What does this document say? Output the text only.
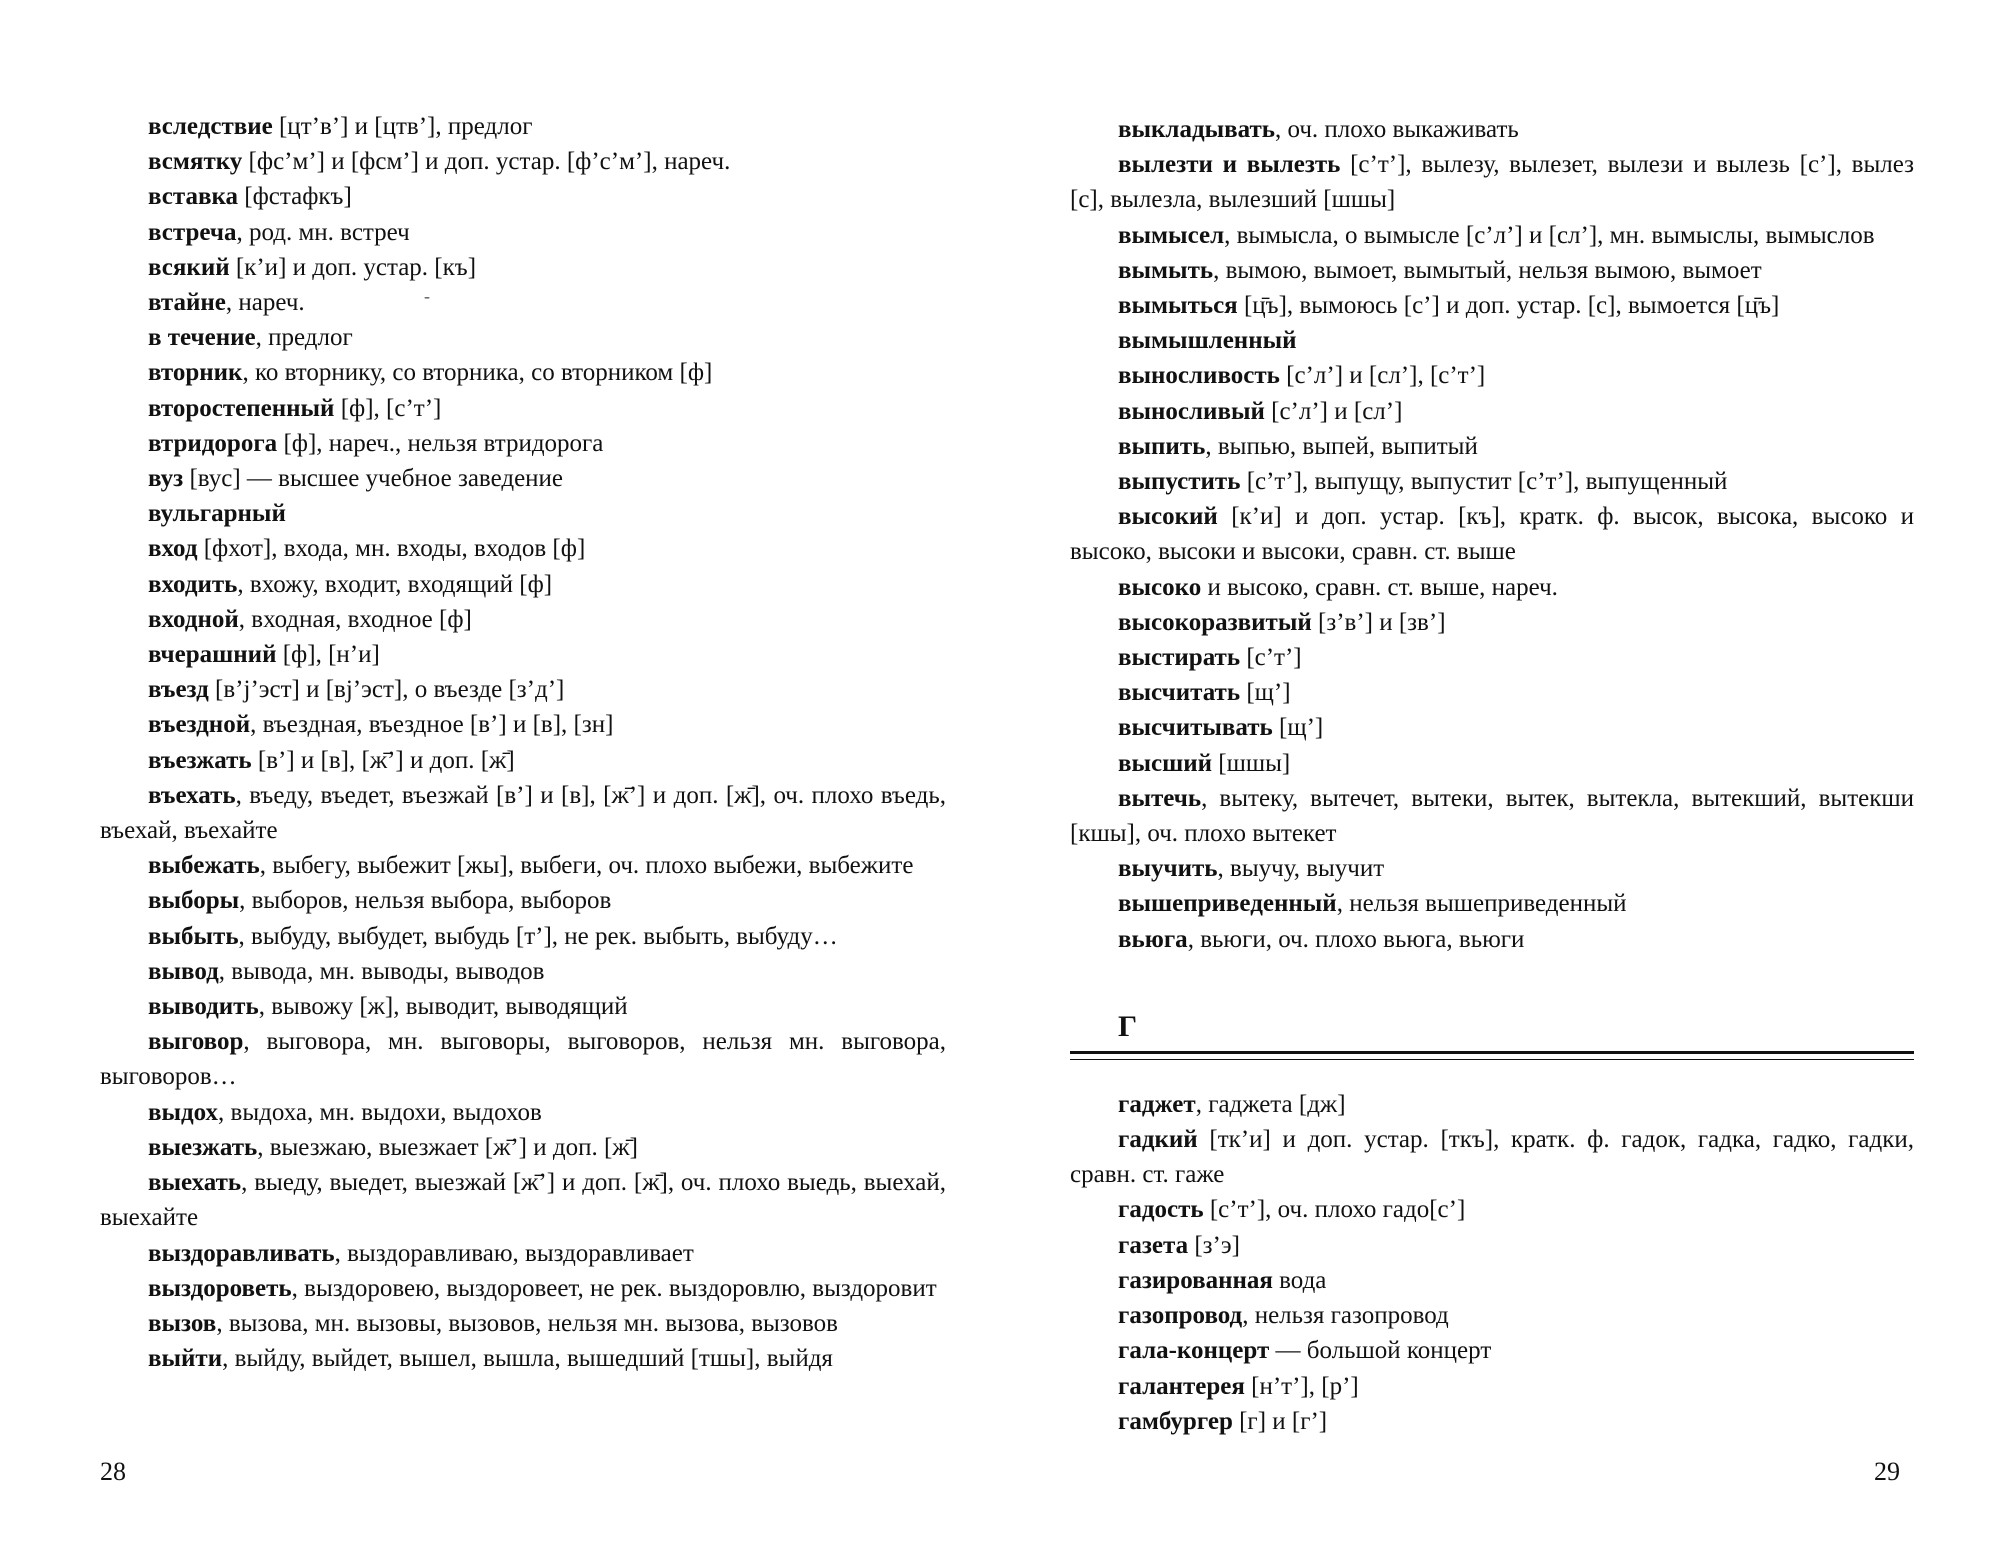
вследствие [цт’в’] и [цтв’], предлог

всмятку [фс’м’] и [фсм’] и доп. устар. [ф’с’м’], нареч.

вставка [фстафкъ]

встреча, род. мн. встреч

всякий [к’и] и доп. устар. [къ]

втайне, нареч.

в течение, предлог

вторник, ко вторнику, со вторника, со вторником [ф]

второстепенный [ф], [с’т’]

втридорога [ф], нареч., нельзя втридорога

вуз [вус] — высшее учебное заведение

вульгарный

вход [фхот], входа, мн. входы, входов [ф]

входить, вхожу, входит, входящий [ф]

входной, входная, входное [ф]

вчерашний [ф], [н’и]

въезд [в’j’эст] и [вj’эст], о въезде [з’д’]

въездной, въездная, въездное [в’] и [в], [зн]

въезжать [в’] и [в], [ж̄’] и доп. [ж̄]

въехать, въеду, въедет, въезжай [в’] и [в], [ж̄’] и доп. [ж̄], оч. плохо въедь, въехай, въехайте

выбежать, выбегу, выбежит [жы], выбеги, оч. плохо выбежи, выбежите

выборы, выборов, нельзя выбора, выборов

выбыть, выбуду, выбудет, выбудь [т’], не рек. выбыть, выбуду…

вывод, вывода, мн. выводы, выводов

выводить, вывожу [ж], выводит, выводящий

выговор, выговора, мн. выговоры, выговоров, нельзя мн. выговора, выговоров…

выдох, выдоха, мн. выдохи, выдохов

выезжать, выезжаю, выезжает [ж̄’] и доп. [ж̄]

выехать, выеду, выедет, выезжай [ж̄’] и доп. [ж̄], оч. плохо выедь, выехай, выехайте

выздоравливать, выздоравливаю, выздоравливает

выздороветь, выздоровею, выздоровеет, не рек. выздоровлю, выздоровит

вызов, вызова, мн. вызовы, вызовов, нельзя мн. вызова, вызовов

выйти, выйду, выйдет, вышел, вышла, вышедший [тшы], выйдя

28
-

выкладывать, оч. плохо выкаживать

вылезти и вылезть [с’т’], вылезу, вылезет, вылези и вылезь [с’], вылез [с], вылезла, вылезший [шшы]

вымысел, вымысла, о вымысле [с’л’] и [сл’], мн. вымыслы, вымыслов

вымыть, вымою, вымоет, вымытый, нельзя вымою, вымоет

вымыться [ц̄ъ], вымоюсь [с’] и доп. устар. [с], вымоется [ц̄ъ]

вымышленный

выносливость [с’л’] и [сл’], [с’т’]

выносливый [с’л’] и [сл’]

выпить, выпью, выпей, выпитый

выпустить [с’т’], выпущу, выпустит [с’т’], выпущенный

высокий [к’и] и доп. устар. [къ], кратк. ф. высок, высока, высоко и высоко, высоки и высоки, сравн. ст. выше

высоко и высоко, сравн. ст. выше, нареч.

высокоразвитый [з’в’] и [зв’]

выстирать [с’т’]

высчитать [щ’]

высчитывать [щ’]

высший [шшы]

вытечь, вытеку, вытечет, вытеки, вытек, вытекла, вытекший, вытекши [кшы], оч. плохо вытекет

выучить, выучу, выучит

вышеприведенный, нельзя вышеприведенный

вьюга, вьюги, оч. плохо вьюга, вьюги

Г

гаджет, гаджета [дж]

гадкий [тк’и] и доп. устар. [ткъ], кратк. ф. гадок, гадка, гадко, гадки, сравн. ст. гаже

гадость [с’т’], оч. плохо гадо[с’]

газета [з’э]

газированная вода

газопровод, нельзя газопровод

гала-концерт — большой концерт

галантерея [н’т’], [р’]

гамбургер [г] и [г’]

29
